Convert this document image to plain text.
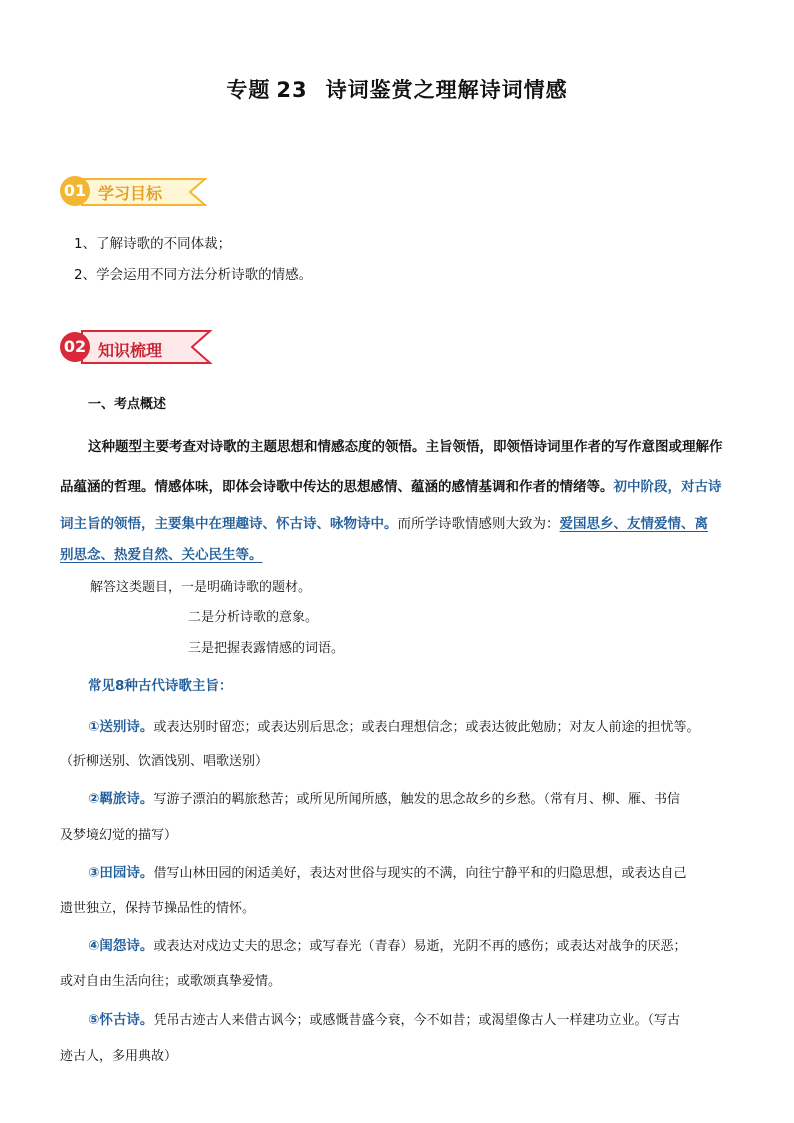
专题 23 诗词鉴赏之理解诗词情感
01 学习目标
1、了解诗歌的不同体裁；
2、学会运用不同方法分析诗歌的情感。
02 知识梳理
一、考点概述
这种题型主要考查对诗歌的主题思想和情感态度的领悟。主旨领悟，即领悟诗词里作者的写作意图或理解作
品蕴涵的哲理。情感体味，即体会诗歌中传达的思想感情、蕴涵的感情基调和作者的情绪等。初中阶段，对古诗
词主旨的领悟，主要集中在理趣诗、怀古诗、咏物诗中。而所学诗歌情感则大致为：爱国思乡、友情爱情、离
别思念、热爱自然、关心民生等。
解答这类题目，一是明确诗歌的题材。
二是分析诗歌的意象。
三是把握表露情感的词语。
常见8种古代诗歌主旨：
①送别诗。或表达别时留恋；或表达别后思念；或表白理想信念；或表达彼此勉励；对友人前途的担忧等。
（折柳送别、饮酒饯别、唱歌送别）
②羁旅诗。写游子漂泊的羁旅愁苦；或所见所闻所感，触发的思念故乡的乡愁。（常有月、柳、雁、书信
及梦境幻觉的描写）
③田园诗。借写山林田园的闲适美好，表达对世俗与现实的不满，向往宁静平和的归隐思想，或表达自己
遗世独立，保持节操品性的情怀。
④闺怨诗。或表达对戍边丈夫的思念；或写春光（青春）易逝，光阴不再的感伤；或表达对战争的厌恶；
或对自由生活向往；或歌颂真挚爱情。
⑤怀古诗。凭吊古迹古人来借古讽今；或感慨昔盛今衰，今不如昔；或渴望像古人一样建功立业。（写古
迹古人，多用典故）
